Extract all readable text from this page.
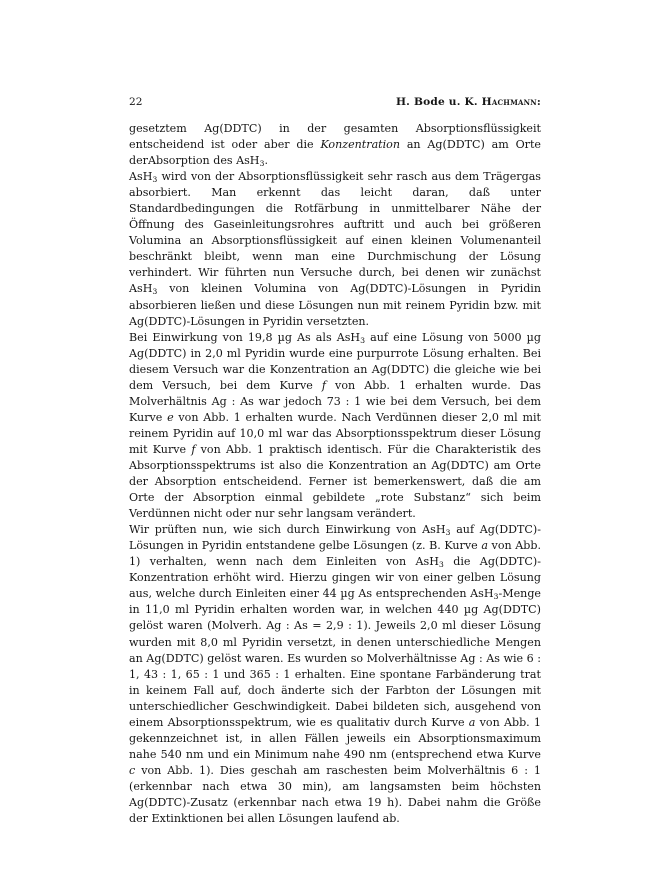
22	H. Bode u. K. Hachmann:

gesetztem Ag(DDTC) in der gesamten Absorptionsflüssigkeit entscheidend ist oder aber die Konzentration an Ag(DDTC) am Orte derAbsorption des AsH$_3$.

AsH$_3$ wird von der Absorptionsflüssigkeit sehr rasch aus dem Trägergas absorbiert. Man erkennt das leicht daran, daß unter Standardbedingungen die Rotfärbung in unmittelbarer Nähe der Öffnung des Gaseinleitungsrohres auftritt und auch bei größeren Volumina an Absorptionsflüssigkeit auf einen kleinen Volumenanteil beschränkt bleibt, wenn man eine Durchmischung der Lösung verhindert. Wir führten nun Versuche durch, bei denen wir zunächst AsH$_3$ von kleinen Volumina von Ag(DDTC)-Lösungen in Pyridin absorbieren ließen und diese Lösungen nun mit reinem Pyridin bzw. mit Ag(DDTC)-Lösungen in Pyridin versetzten.

Bei Einwirkung von 19,8 µg As als AsH$_3$ auf eine Lösung von 5000 µg Ag(DDTC) in 2,0 ml Pyridin wurde eine purpurrote Lösung erhalten. Bei diesem Versuch war die Konzentration an Ag(DDTC) die gleiche wie bei dem Versuch, bei dem Kurve f von Abb. 1 erhalten wurde. Das Molverhältnis Ag : As war jedoch 73 : 1 wie bei dem Versuch, bei dem Kurve e von Abb. 1 erhalten wurde. Nach Verdünnen dieser 2,0 ml mit reinem Pyridin auf 10,0 ml war das Absorptionsspektrum dieser Lösung mit Kurve f von Abb. 1 praktisch identisch. Für die Charakteristik des Absorptionsspektrums ist also die Konzentration an Ag(DDTC) am Orte der Absorption entscheidend. Ferner ist bemerkenswert, daß die am Orte der Absorption einmal gebildete „rote Substanz“ sich beim Verdünnen nicht oder nur sehr langsam verändert.

Wir prüften nun, wie sich durch Einwirkung von AsH$_3$ auf Ag(DDTC)-Lösungen in Pyridin entstandene gelbe Lösungen (z. B. Kurve a von Abb. 1) verhalten, wenn nach dem Einleiten von AsH$_3$ die Ag(DDTC)-Konzentration erhöht wird. Hierzu gingen wir von einer gelben Lösung aus, welche durch Einleiten einer 44 µg As entsprechenden AsH$_3$-Menge in 11,0 ml Pyridin erhalten worden war, in welchen 440 µg Ag(DDTC) gelöst waren (Molverh. Ag : As = 2,9 : 1). Jeweils 2,0 ml dieser Lösung wurden mit 8,0 ml Pyridin versetzt, in denen unterschiedliche Mengen an Ag(DDTC) gelöst waren. Es wurden so Molverhältnisse Ag : As wie 6 : 1, 43 : 1, 65 : 1 und 365 : 1 erhalten. Eine spontane Farbänderung trat in keinem Fall auf, doch änderte sich der Farbton der Lösungen mit unterschiedlicher Geschwindigkeit. Dabei bildeten sich, ausgehend von einem Absorptionsspektrum, wie es qualitativ durch Kurve a von Abb. 1 gekennzeichnet ist, in allen Fällen jeweils ein Absorptionsmaximum nahe 540 nm und ein Minimum nahe 490 nm (entsprechend etwa Kurve c von Abb. 1). Dies geschah am raschesten beim Molverhältnis 6 : 1 (erkennbar nach etwa 30 min), am langsamsten beim höchsten Ag(DDTC)-Zusatz (erkennbar nach etwa 19 h). Dabei nahm die Größe der Extinktionen bei allen Lösungen laufend ab.
